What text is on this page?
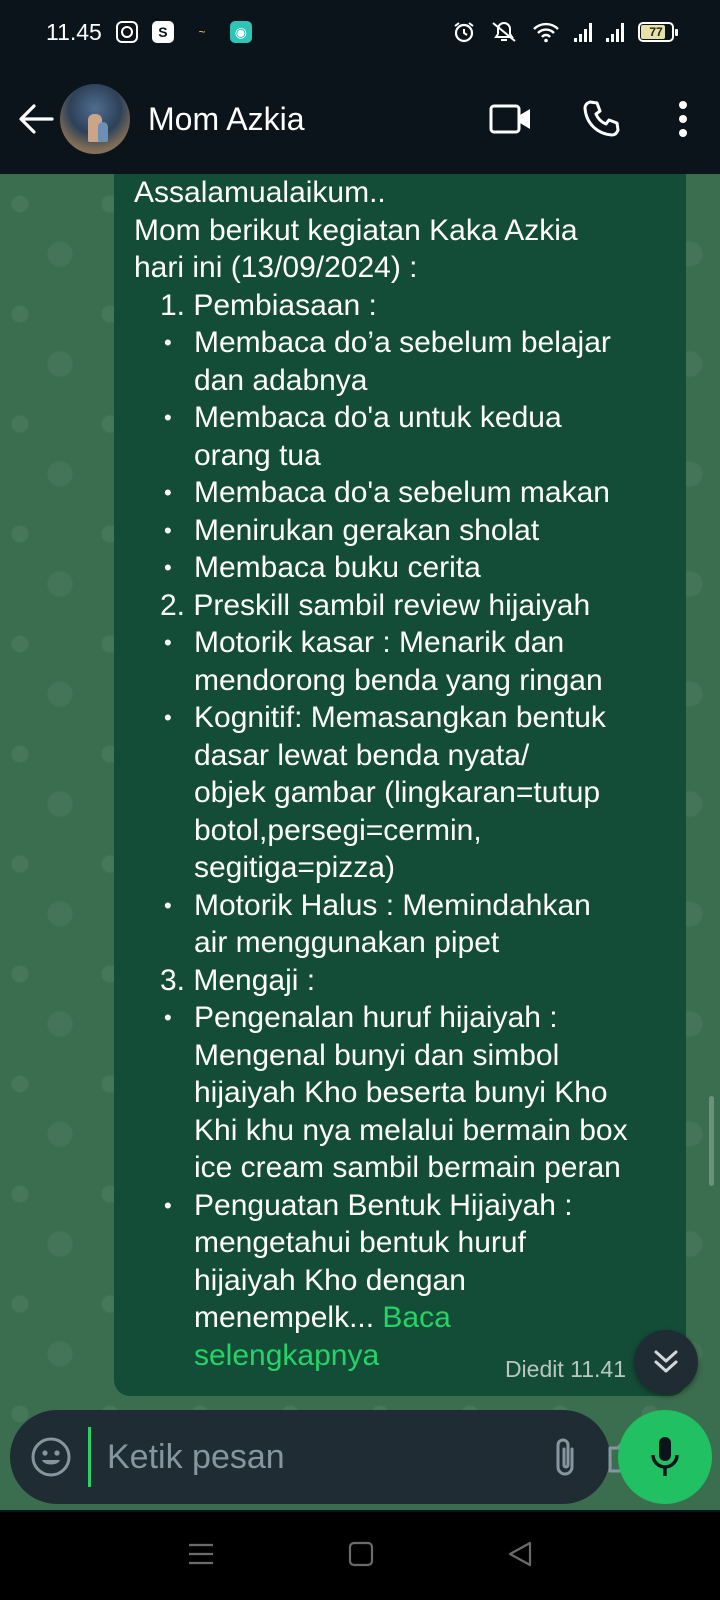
11.45	S	~	◉	77
Mom Azkia
Assalamualaikum..
Mom berikut kegiatan Kaka Azkia
hari ini (13/09/2024) :
1. Pembiasaan :
• Membaca do’a sebelum belajar
dan adabnya
• Membaca do'a untuk kedua
orang tua
• Membaca do'a sebelum makan
• Menirukan gerakan sholat
• Membaca buku cerita
2. Preskill sambil review hijaiyah
• Motorik kasar : Menarik dan
mendorong benda yang ringan
• Kognitif: Memasangkan bentuk
dasar lewat benda nyata/
objek gambar (lingkaran=tutup
botol,persegi=cermin,
segitiga=pizza)
• Motorik Halus : Memindahkan
air menggunakan pipet
3. Mengaji :
• Pengenalan huruf hijaiyah :
Mengenal bunyi dan simbol
hijaiyah Kho beserta bunyi Kho
Khi khu nya melalui bermain box
ice cream sambil bermain peran
• Penguatan Bentuk Hijaiyah :
mengetahui bentuk huruf
hijaiyah Kho dengan
menempelk... Baca
selengkapnya	Diedit 11.41
Ketik pesan
